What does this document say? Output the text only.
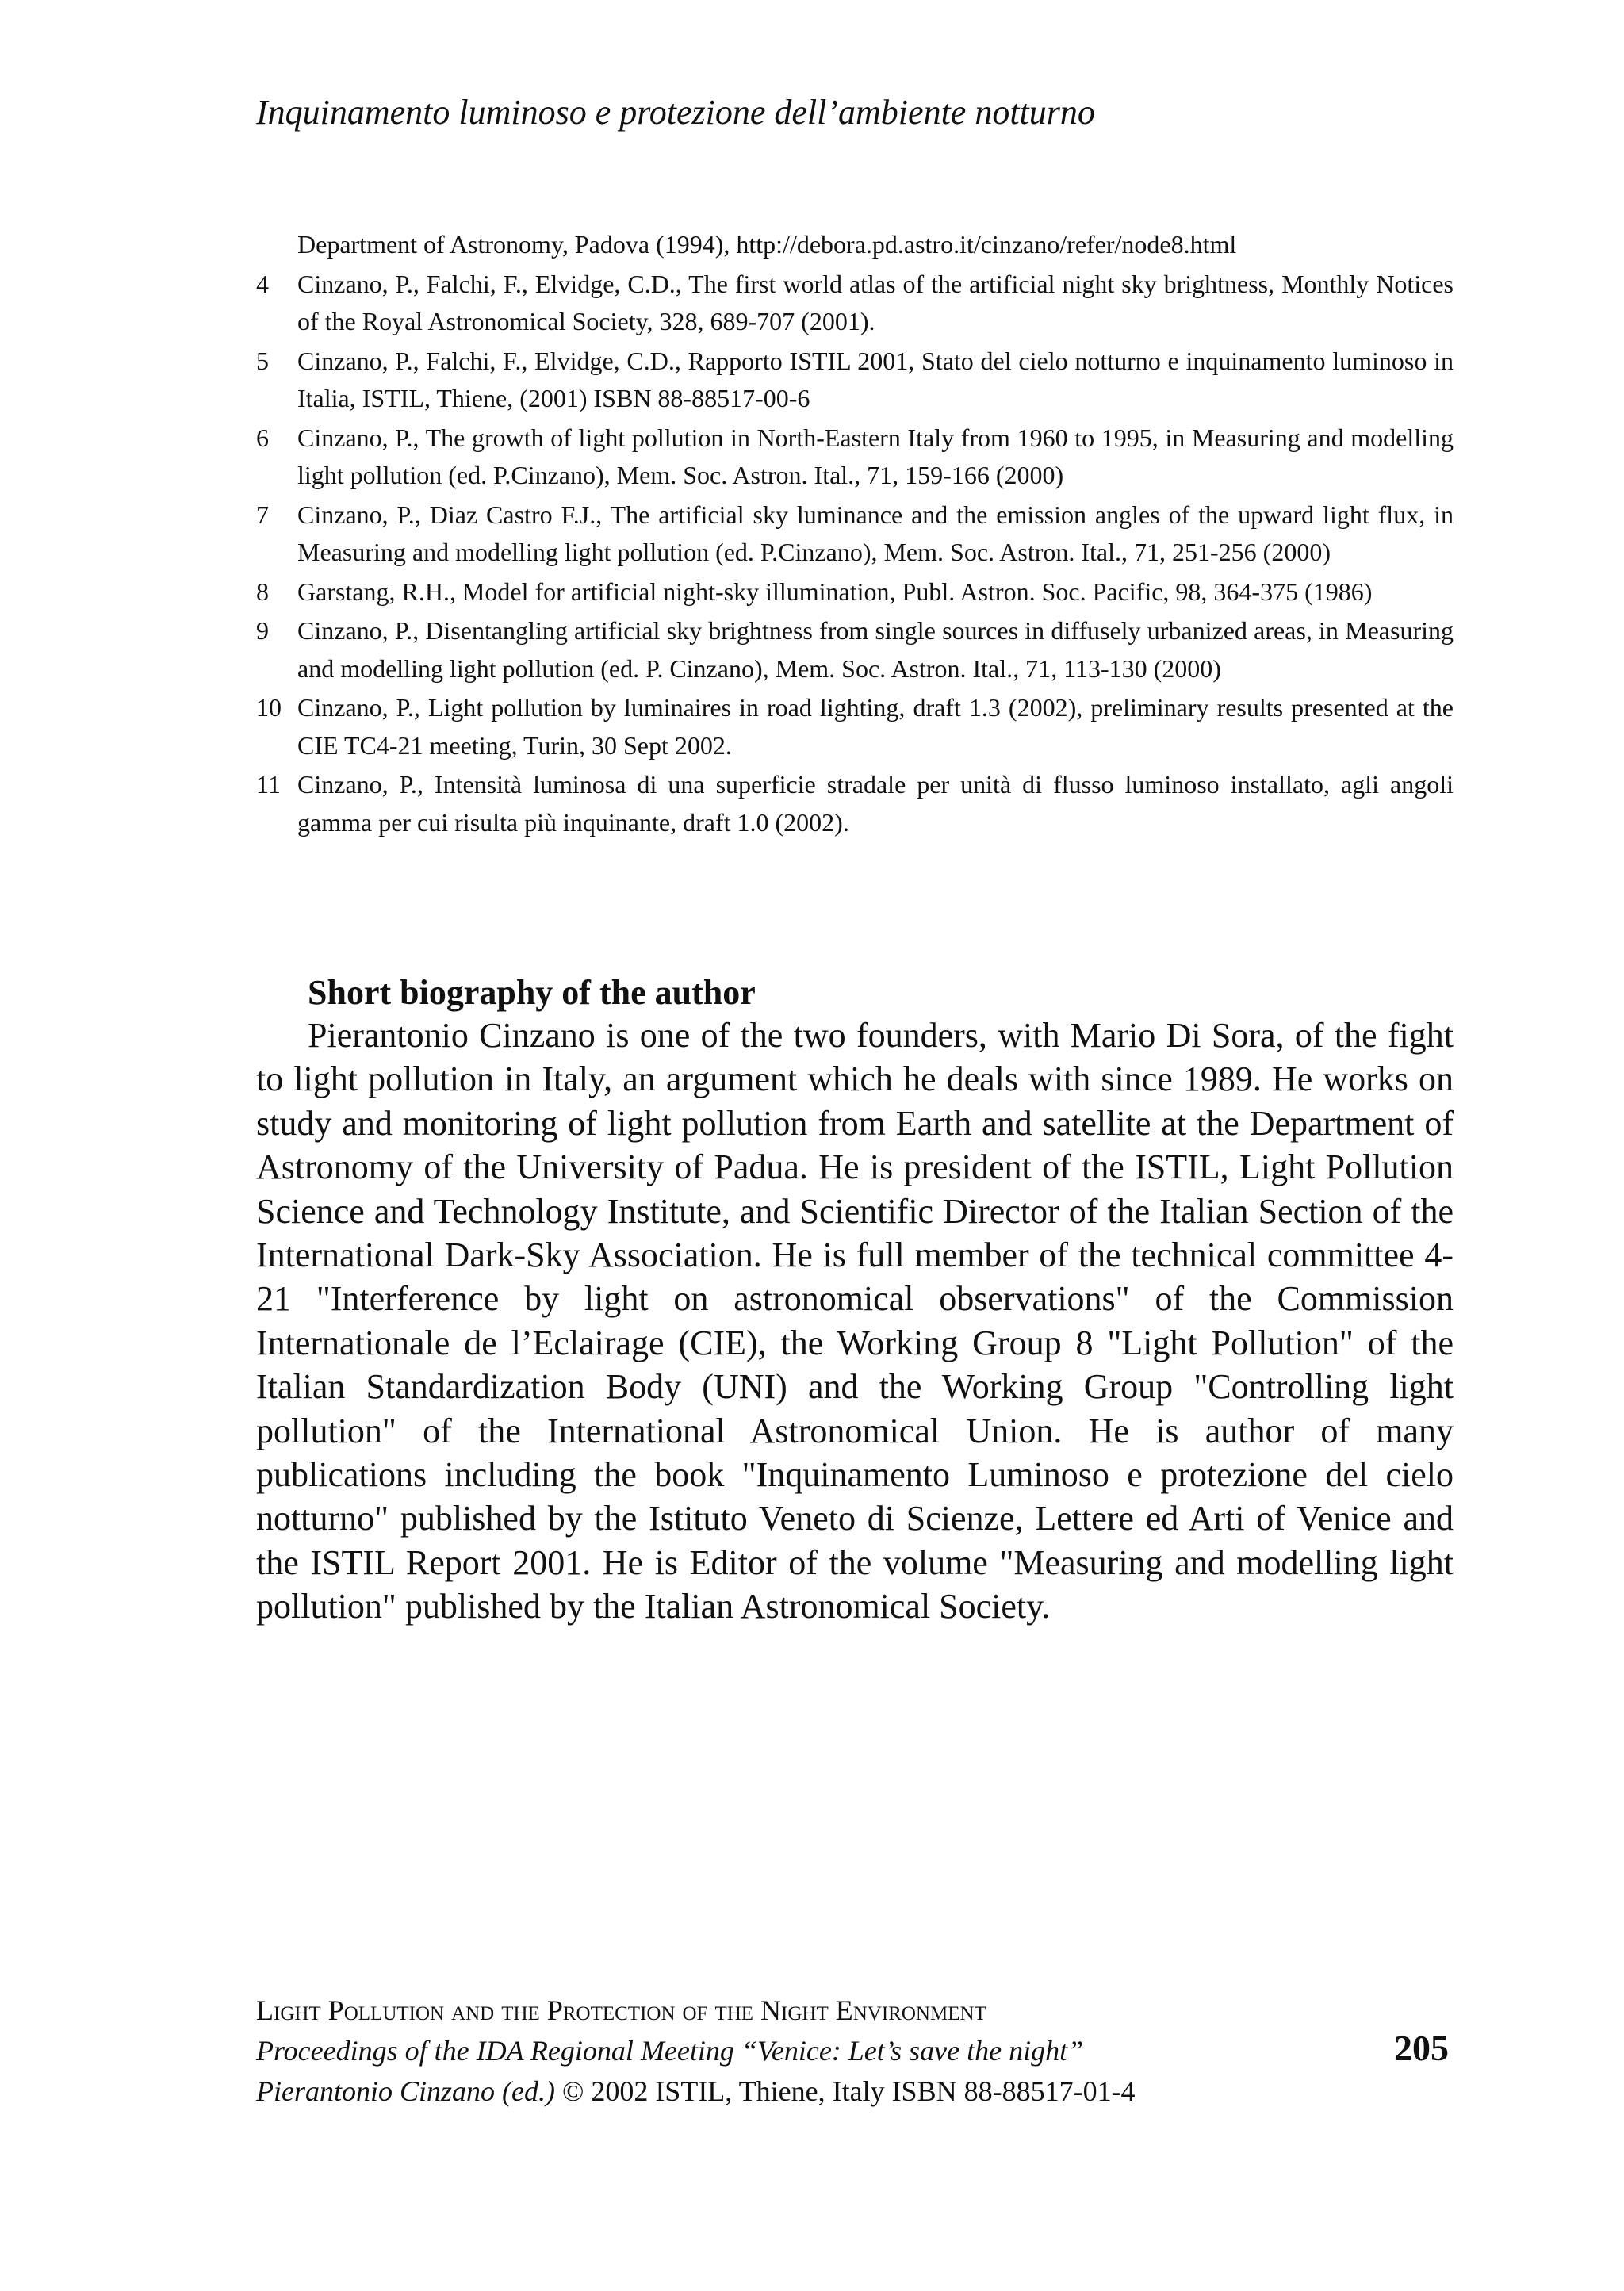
Inquinamento luminoso e protezione dell’ambiente notturno
Department of Astronomy, Padova (1994), http://debora.pd.astro.it/cinzano/refer/node8.html
4 Cinzano, P., Falchi, F., Elvidge, C.D., The first world atlas of the artificial night sky brightness, Monthly Notices of the Royal Astronomical Society, 328, 689-707 (2001).
5 Cinzano, P., Falchi, F., Elvidge, C.D., Rapporto ISTIL 2001, Stato del cielo notturno e inquinamento luminoso in Italia, ISTIL, Thiene, (2001) ISBN 88-88517-00-6
6 Cinzano, P., The growth of light pollution in North-Eastern Italy from 1960 to 1995, in Measuring and modelling light pollution (ed. P.Cinzano), Mem. Soc. Astron. Ital., 71, 159-166 (2000)
7 Cinzano, P., Diaz Castro F.J., The artificial sky luminance and the emission angles of the upward light flux, in Measuring and modelling light pollution (ed. P.Cinzano), Mem. Soc. Astron. Ital., 71, 251-256 (2000)
8 Garstang, R.H., Model for artificial night-sky illumination, Publ. Astron. Soc. Pacific, 98, 364-375 (1986)
9 Cinzano, P., Disentangling artificial sky brightness from single sources in diffusely urbanized areas, in Measuring and modelling light pollution (ed. P. Cinzano), Mem. Soc. Astron. Ital., 71, 113-130 (2000)
10 Cinzano, P., Light pollution by luminaires in road lighting, draft 1.3 (2002), preliminary results presented at the CIE TC4-21 meeting, Turin, 30 Sept 2002.
11 Cinzano, P., Intensità luminosa di una superficie stradale per unità di flusso luminoso installato, agli angoli gamma per cui risulta più inquinante, draft 1.0 (2002).
Short biography of the author

Pierantonio Cinzano is one of the two founders, with Mario Di Sora, of the fight to light pollution in Italy, an argument which he deals with since 1989. He works on study and monitoring of light pollution from Earth and satellite at the Department of Astronomy of the University of Padua. He is president of the ISTIL, Light Pollution Science and Technology Institute, and Scientific Director of the Italian Section of the International Dark-Sky Association. He is full member of the technical committee 4-21 "Interference by light on astronomical observations" of the Commission Internationale de l’Eclairage (CIE), the Working Group 8 "Light Pollution" of the Italian Standardization Body (UNI) and the Working Group "Controlling light pollution" of the International Astronomical Union. He is author of many publications including the book "Inquinamento Luminoso e protezione del cielo notturno" published by the Istituto Veneto di Scienze, Lettere ed Arti of Venice and the ISTIL Report 2001. He is Editor of the volume "Measuring and modelling light pollution" published by the Italian Astronomical Society.

Light Pollution and the Protection of the Night Environment
Proceedings of the IDA Regional Meeting “Venice: Let’s save the night”
Pierantonio Cinzano (ed.) © 2002 ISTIL, Thiene, Italy ISBN 88-88517-01-4
205
